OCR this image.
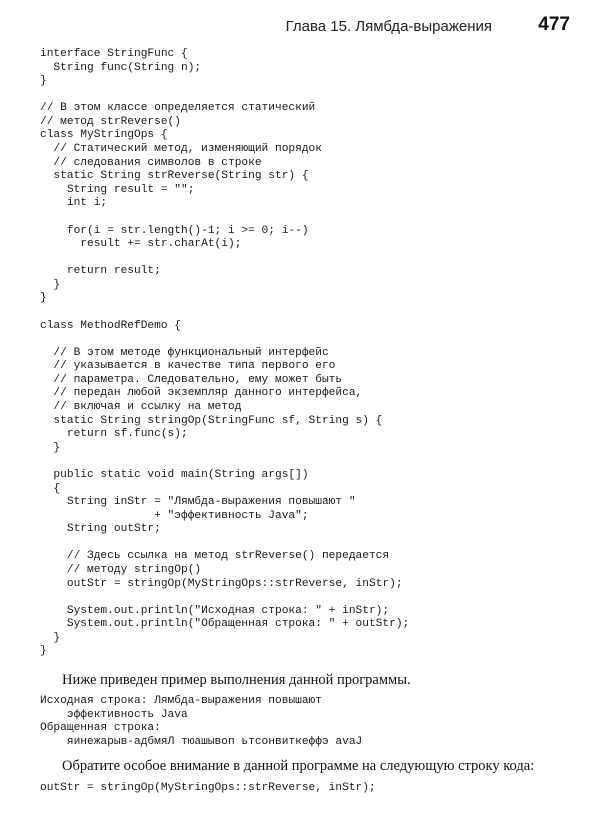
Глава 15. Лямбда-выражения 477
interface StringFunc {
String func(String n);
}
// В этом классе определяется статический
// метод strReverse()
class MyStringOps {
// Статический метод, изменяющий порядок
// следования символов в строке
static String strReverse(String str) {
String result = "";
int i;
for(i = str.length()-1; i >= 0; i--)
result += str.charAt(i);
return result;
}
}
class MethodRefDemo {
// В этом методе функциональный интерфейс
// указывается в качестве типа первого его
// параметра. Следовательно, ему может быть
// передан любой экземпляр данного интерфейса,
// включая и ссылку на метод
static String stringOp(StringFunc sf, String s) {
return sf.func(s);
}
public static void main(String args[])
{
String inStr = "Лямбда-выражения повышают "
+ "эффективность Java";
String outStr;
// Здесь ссылка на метод strReverse() передается
// методу stringOp()
outStr = stringOp(MyStringOps::strReverse, inStr);
System.out.println("Исходная строка: " + inStr);
System.out.println("Обращенная строка: " + outStr);
}
}
Ниже приведен пример выполнения данной программы.
Исходная строка: Лямбда-выражения повышают
эффективность Java
Обращенная строка:
яинежарыв-адбмяЛ тюашывоп ьтсонвиткеффэ avaJ
Обратите особое внимание в данной программе на следующую строку кода:
outStr = stringOp(MyStringOps::strReverse, inStr);
